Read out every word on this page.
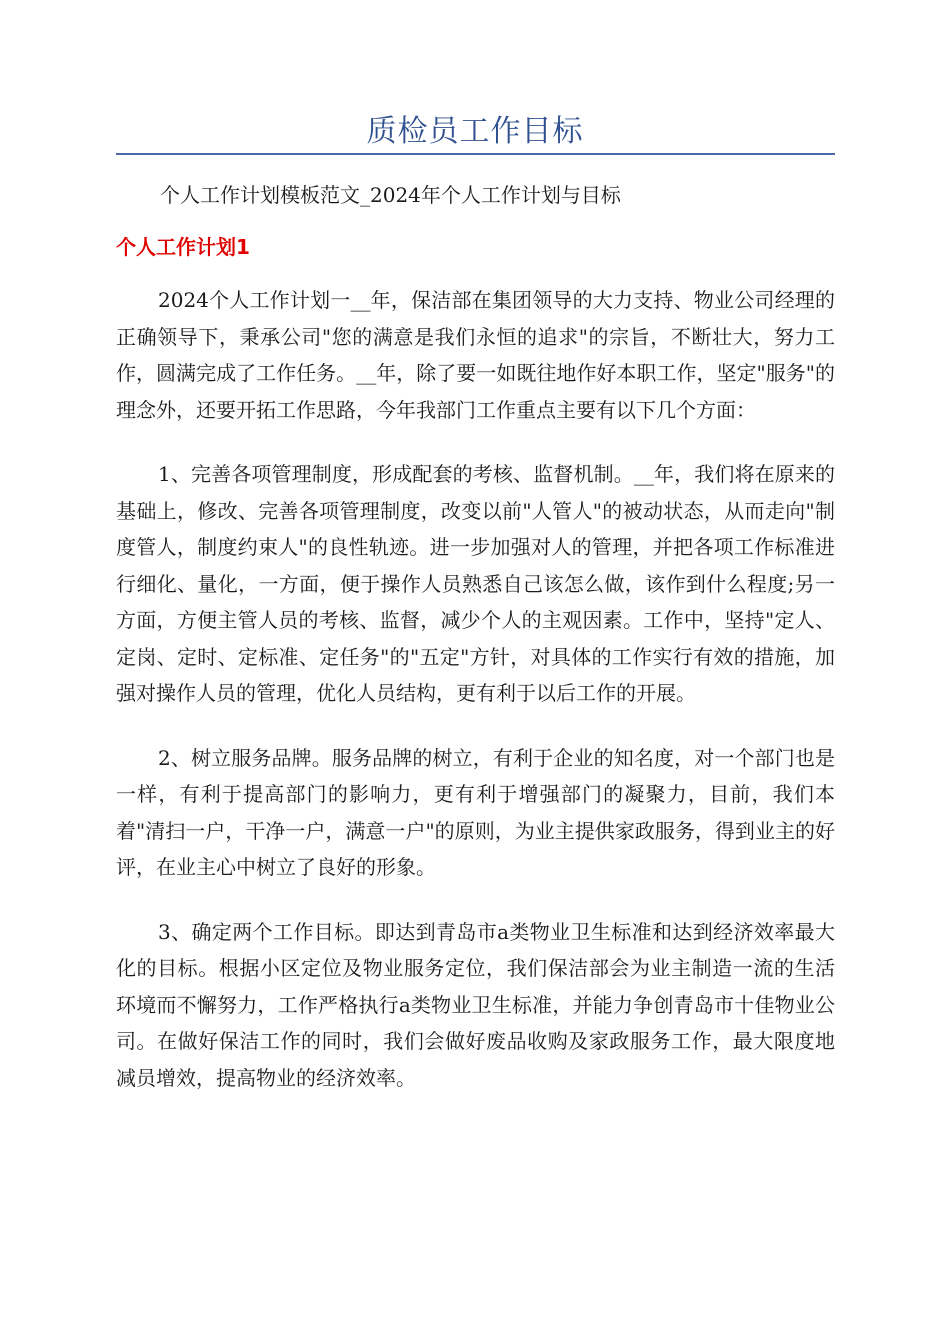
质检员工作目标
个人工作计划模板范文_2024年个人工作计划与目标
个人工作计划1

2024个人工作计划一__年，保洁部在集团领导的大力支持、物业公司经理的正确领导下，秉承公司"您的满意是我们永恒的追求"的宗旨，不断壮大，努力工作，圆满完成了工作任务。__年，除了要一如既往地作好本职工作，坚定"服务"的理念外，还要开拓工作思路，今年我部门工作重点主要有以下几个方面：

1、完善各项管理制度，形成配套的考核、监督机制。__年，我们将在原来的基础上，修改、完善各项管理制度，改变以前"人管人"的被动状态，从而走向"制度管人，制度约束人"的良性轨迹。进一步加强对人的管理，并把各项工作标准进行细化、量化，一方面，便于操作人员熟悉自己该怎么做，该作到什么程度;另一方面，方便主管人员的考核、监督，减少个人的主观因素。工作中，坚持"定人、定岗、定时、定标准、定任务"的"五定"方针，对具体的工作实行有效的措施，加强对操作人员的管理，优化人员结构，更有利于以后工作的开展。

2、树立服务品牌。服务品牌的树立，有利于企业的知名度，对一个部门也是一样，有利于提高部门的影响力，更有利于增强部门的凝聚力，目前，我们本着"清扫一户，干净一户，满意一户"的原则，为业主提供家政服务，得到业主的好评，在业主心中树立了良好的形象。

3、确定两个工作目标。即达到青岛市a类物业卫生标准和达到经济效率最大化的目标。根据小区定位及物业服务定位，我们保洁部会为业主制造一流的生活环境而不懈努力，工作严格执行a类物业卫生标准，并能力争创青岛市十佳物业公司。在做好保洁工作的同时，我们会做好废品收购及家政服务工作，最大限度地减员增效，提高物业的经济效率。
